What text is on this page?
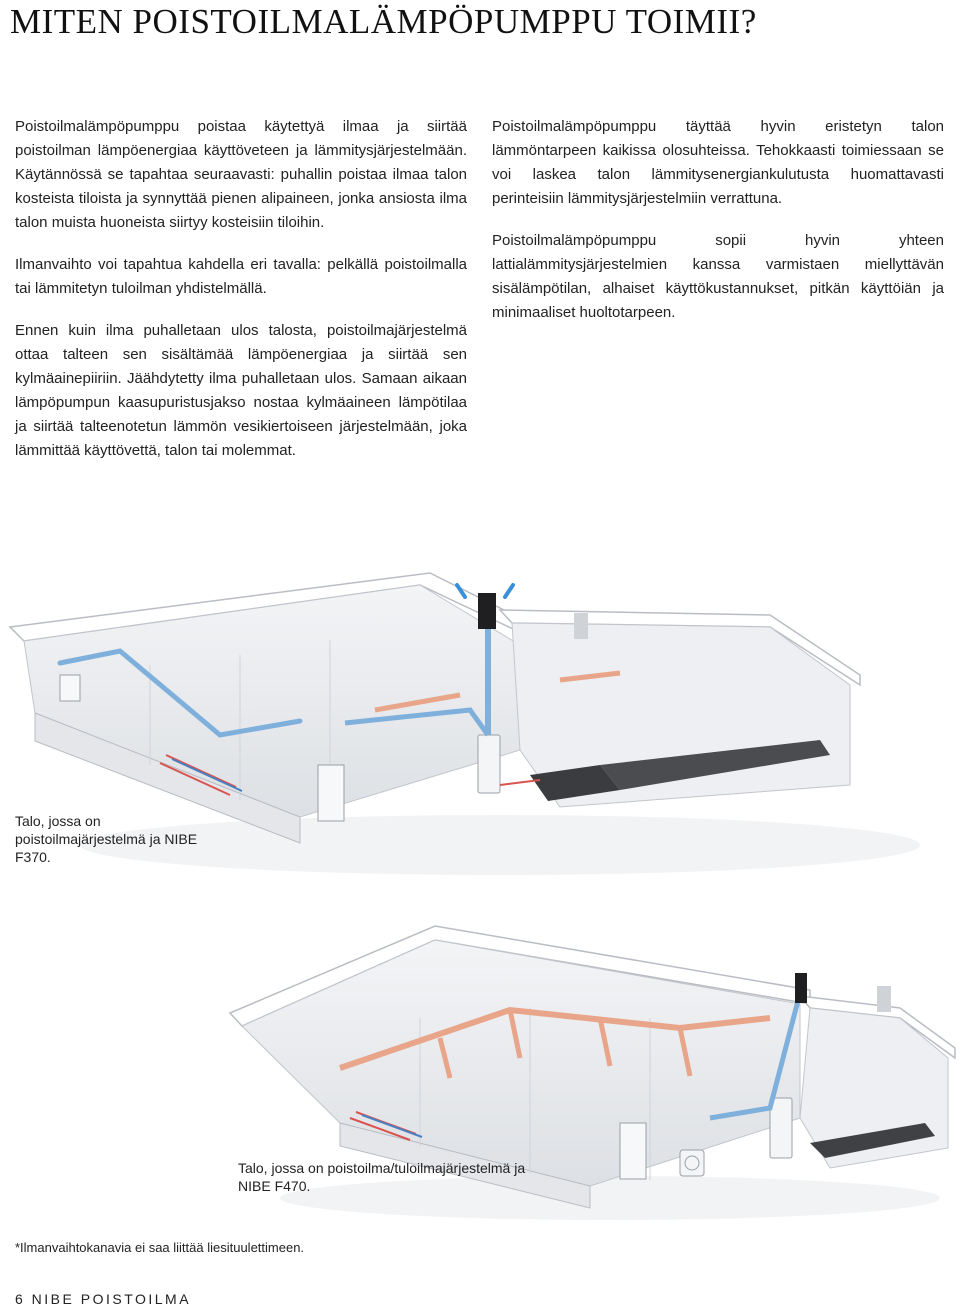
MITEN POISTOILMALÄMPÖPUMPPU TOIMII?

Poistoilmalämpöpumppu poistaa käytettyä ilmaa ja siirtää poistoilman lämpöenergiaa käyttöveteen ja lämmitysjärjestelmään. Käytännössä se tapahtaa seuraavasti: puhallin poistaa ilmaa talon kosteista tiloista ja synnyttää pienen alipaineen, jonka ansiosta ilma talon muista huoneista siirtyy kosteisiin tiloihin.

Ilmanvaihto voi tapahtua kahdella eri tavalla: pelkällä poistoilmalla tai lämmitetyn tuloilman yhdistelmällä.

Ennen kuin ilma puhalletaan ulos talosta, poistoilmajärjestelmä ottaa talteen sen sisältämää lämpöenergiaa ja siirtää sen kylmäainepiiriin. Jäähdytetty ilma puhalletaan ulos. Samaan aikaan lämpöpumpun kaasupuristusjakso nostaa kylmäaineen lämpötilaa ja siirtää talteenotetun lämmön vesikiertoiseen järjestelmään, joka lämmittää käyttövettä, talon tai molemmat.

Poistoilmalämpöpumppu täyttää hyvin eristetyn talon lämmöntarpeen kaikissa olosuhteissa. Tehokkaasti toimiessaan se voi laskea talon lämmitysenergiankulutusta huomattavasti perinteisiin lämmitysjärjestelmiin verrattuna.

Poistoilmalämpöpumppu sopii hyvin yhteen lattialämmitysjärjestelmien kanssa varmistaen miellyttävän sisälämpötilan, alhaiset käyttökustannukset, pitkän käyttöiän ja minimaaliset huoltotarpeen.

Talo, jossa on poistoilmajärjestelmä ja NIBE F370.

Talo, jossa on poistoilma/tuloilmajärjestelmä ja NIBE F470.

*Ilmanvaihtokanavia ei saa liittää liesituulettimeen.

6 NIBE POISTOILMA
